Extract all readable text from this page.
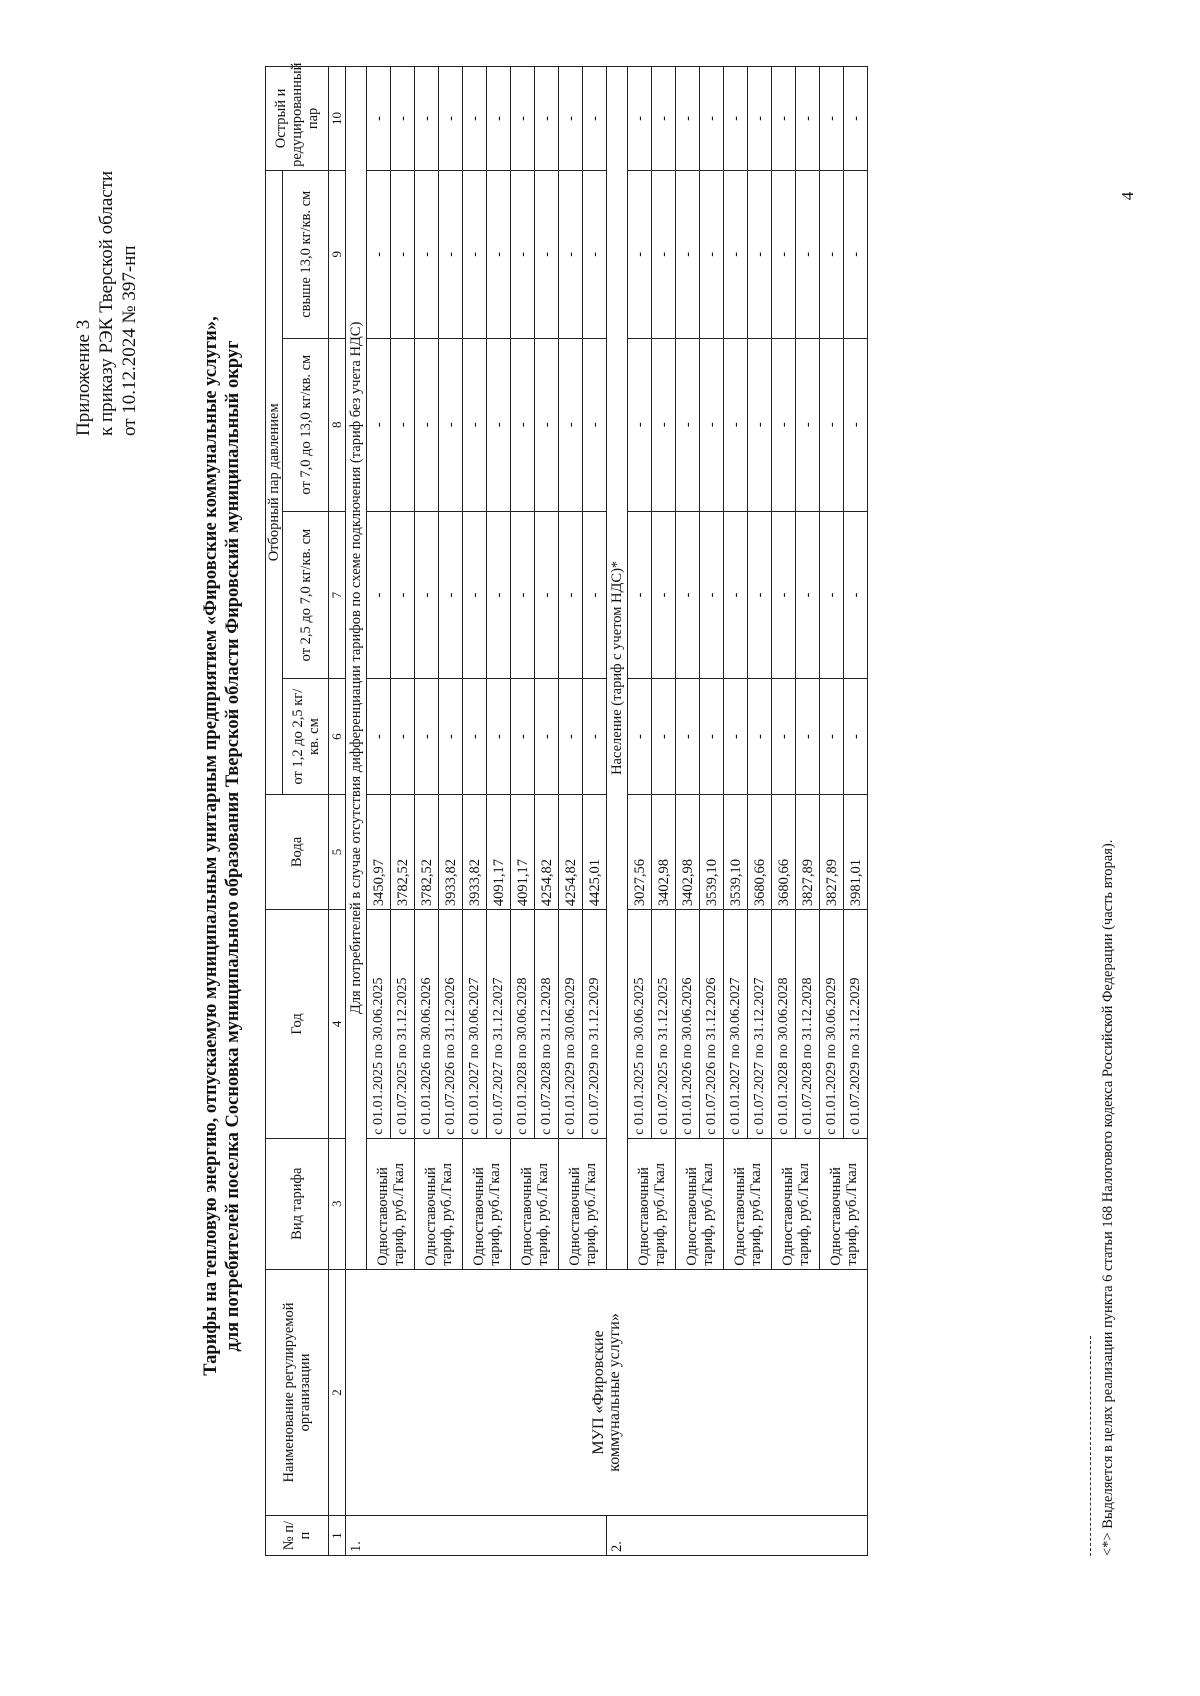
4
Приложение 3 к приказу РЭК Тверской области от 10.12.2024 № 397-нп	Тарифы на тепловую энергию, отпускаемую муниципальным унитарным предприятием «Фировские коммунальные услуги», для потребителей поселка Сосновка муниципального образования Тверской области Фировский муниципальный округ
№ п/п	Наименование регулируемой организации	Вид тарифа	Год	Вода	Отборный пар давлением				Острый и редуцированный пар
					от 1,2 до 2,5 кг/кв. см	от 2,5 до 7,0 кг/кв. см	от 7,0 до 13,0 кг/кв. см	свыше 13,0 кг/кв. см	
1	2	3	4	5	6	7	8	9	10
1.	МУП «Фировские коммунальные услуги»	Для потребителей в случае отсутствия дифференциации тарифов по схеме подключения (тариф без учета НДС)							
		Одноставочный тариф, руб./Гкал	с 01.01.2025 по 30.06.2025	3450,97	-	-	-	-	-
			с 01.07.2025 по 31.12.2025	3782,52	-	-	-	-	-
		Одноставочный тариф, руб./Гкал	с 01.01.2026 по 30.06.2026	3782,52	-	-	-	-	-
			с 01.07.2026 по 31.12.2026	3933,82	-	-	-	-	-
		Одноставочный тариф, руб./Гкал	с 01.01.2027 по 30.06.2027	3933,82	-	-	-	-	-
			с 01.07.2027 по 31.12.2027	4091,17	-	-	-	-	-
		Одноставочный тариф, руб./Гкал	с 01.01.2028 по 30.06.2028	4091,17	-	-	-	-	-
			с 01.07.2028 по 31.12.2028	4254,82	-	-	-	-	-
		Одноставочный тариф, руб./Гкал	с 01.01.2029 по 30.06.2029	4254,82	-	-	-	-	-
			с 01.07.2029 по 31.12.2029	4425,01	-	-	-	-	-
2.		Население (тариф с учетом НДС)*							
		Одноставочный тариф, руб./Гкал	с 01.01.2025 по 30.06.2025	3027,56	-	-	-	-	-
			с 01.07.2025 по 31.12.2025	3402,98	-	-	-	-	-
		Одноставочный тариф, руб./Гкал	с 01.01.2026 по 30.06.2026	3402,98	-	-	-	-	-
			с 01.07.2026 по 31.12.2026	3539,10	-	-	-	-	-
		Одноставочный тариф, руб./Гкал	с 01.01.2027 по 30.06.2027	3539,10	-	-	-	-	-
			с 01.07.2027 по 31.12.2027	3680,66	-	-	-	-	-
		Одноставочный тариф, руб./Гкал	с 01.01.2028 по 30.06.2028	3680,66	-	-	-	-	-
			с 01.07.2028 по 31.12.2028	3827,89	-	-	-	-	-
		Одноставочный тариф, руб./Гкал	с 01.01.2029 по 30.06.2029	3827,89	-	-	-	-	-
			с 01.07.2029 по 31.12.2029	3981,01	-	-	-	-	-
<*> Выделяется в целях реализации пункта 6 статьи 168 Налогового кодекса Российской Федерации (часть вторая).
